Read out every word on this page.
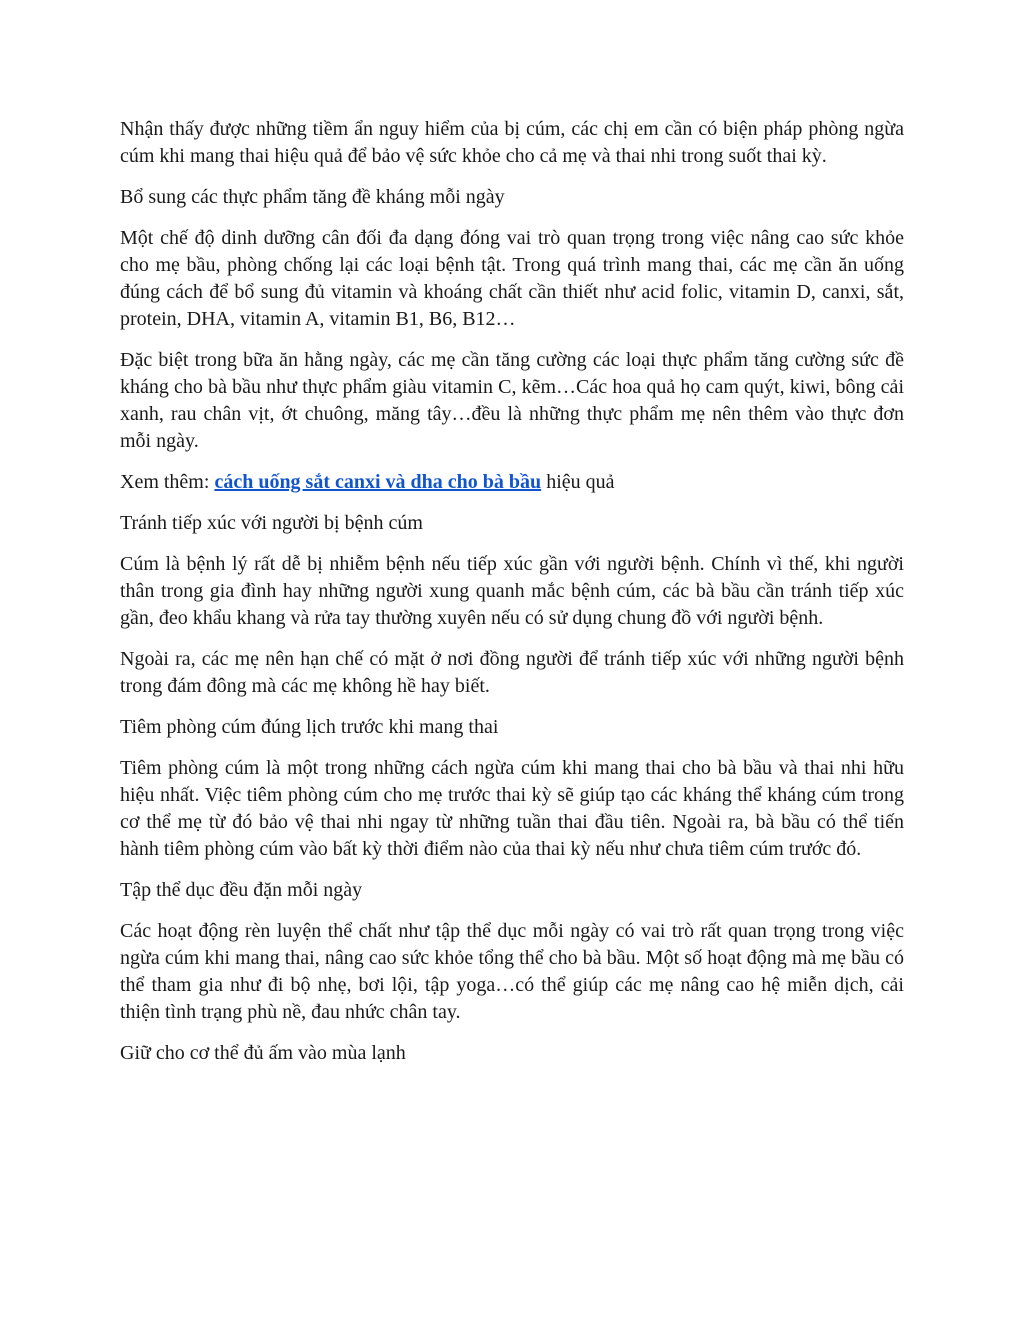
Nhận thấy được những tiềm ẩn nguy hiểm của bị cúm, các chị em cần có biện pháp phòng ngừa cúm khi mang thai hiệu quả để bảo vệ sức khỏe cho cả mẹ và thai nhi trong suốt thai kỳ.

Bổ sung các thực phẩm tăng đề kháng mỗi ngày

Một chế độ dinh dưỡng cân đối đa dạng đóng vai trò quan trọng trong việc nâng cao sức khỏe cho mẹ bầu, phòng chống lại các loại bệnh tật. Trong quá trình mang thai, các mẹ cần ăn uống đúng cách để bổ sung đủ vitamin và khoáng chất cần thiết như acid folic, vitamin D, canxi, sắt, protein, DHA, vitamin A, vitamin B1, B6, B12…

Đặc biệt trong bữa ăn hằng ngày, các mẹ cần tăng cường các loại thực phẩm tăng cường sức đề kháng cho bà bầu như thực phẩm giàu vitamin C, kẽm…Các hoa quả họ cam quýt, kiwi, bông cải xanh, rau chân vịt, ớt chuông, măng tây…đều là những thực phẩm mẹ nên thêm vào thực đơn mỗi ngày.

Xem thêm: cách uống sắt canxi và dha cho bà bầu hiệu quả

Tránh tiếp xúc với người bị bệnh cúm

Cúm là bệnh lý rất dễ bị nhiễm bệnh nếu tiếp xúc gần với người bệnh. Chính vì thế, khi người thân trong gia đình hay những người xung quanh mắc bệnh cúm, các bà bầu cần tránh tiếp xúc gần, đeo khẩu khang và rửa tay thường xuyên nếu có sử dụng chung đồ với người bệnh.

Ngoài ra, các mẹ nên hạn chế có mặt ở nơi đồng người để tránh tiếp xúc với những người bệnh trong đám đông mà các mẹ không hề hay biết.

Tiêm phòng cúm đúng lịch trước khi mang thai

Tiêm phòng cúm là một trong những cách ngừa cúm khi mang thai cho bà bầu và thai nhi hữu hiệu nhất. Việc tiêm phòng cúm cho mẹ trước thai kỳ sẽ giúp tạo các kháng thể kháng cúm trong cơ thể mẹ từ đó bảo vệ thai nhi ngay từ những tuần thai đầu tiên. Ngoài ra, bà bầu có thể tiến hành tiêm phòng cúm vào bất kỳ thời điểm nào của thai kỳ nếu như chưa tiêm cúm trước đó.

Tập thể dục đều đặn mỗi ngày

Các hoạt động rèn luyện thể chất như tập thể dục mỗi ngày có vai trò rất quan trọng trong việc ngừa cúm khi mang thai, nâng cao sức khỏe tổng thể cho bà bầu. Một số hoạt động mà mẹ bầu có thể tham gia như đi bộ nhẹ, bơi lội, tập yoga…có thể giúp các mẹ nâng cao hệ miễn dịch, cải thiện tình trạng phù nề, đau nhức chân tay.

Giữ cho cơ thể đủ ấm vào mùa lạnh
